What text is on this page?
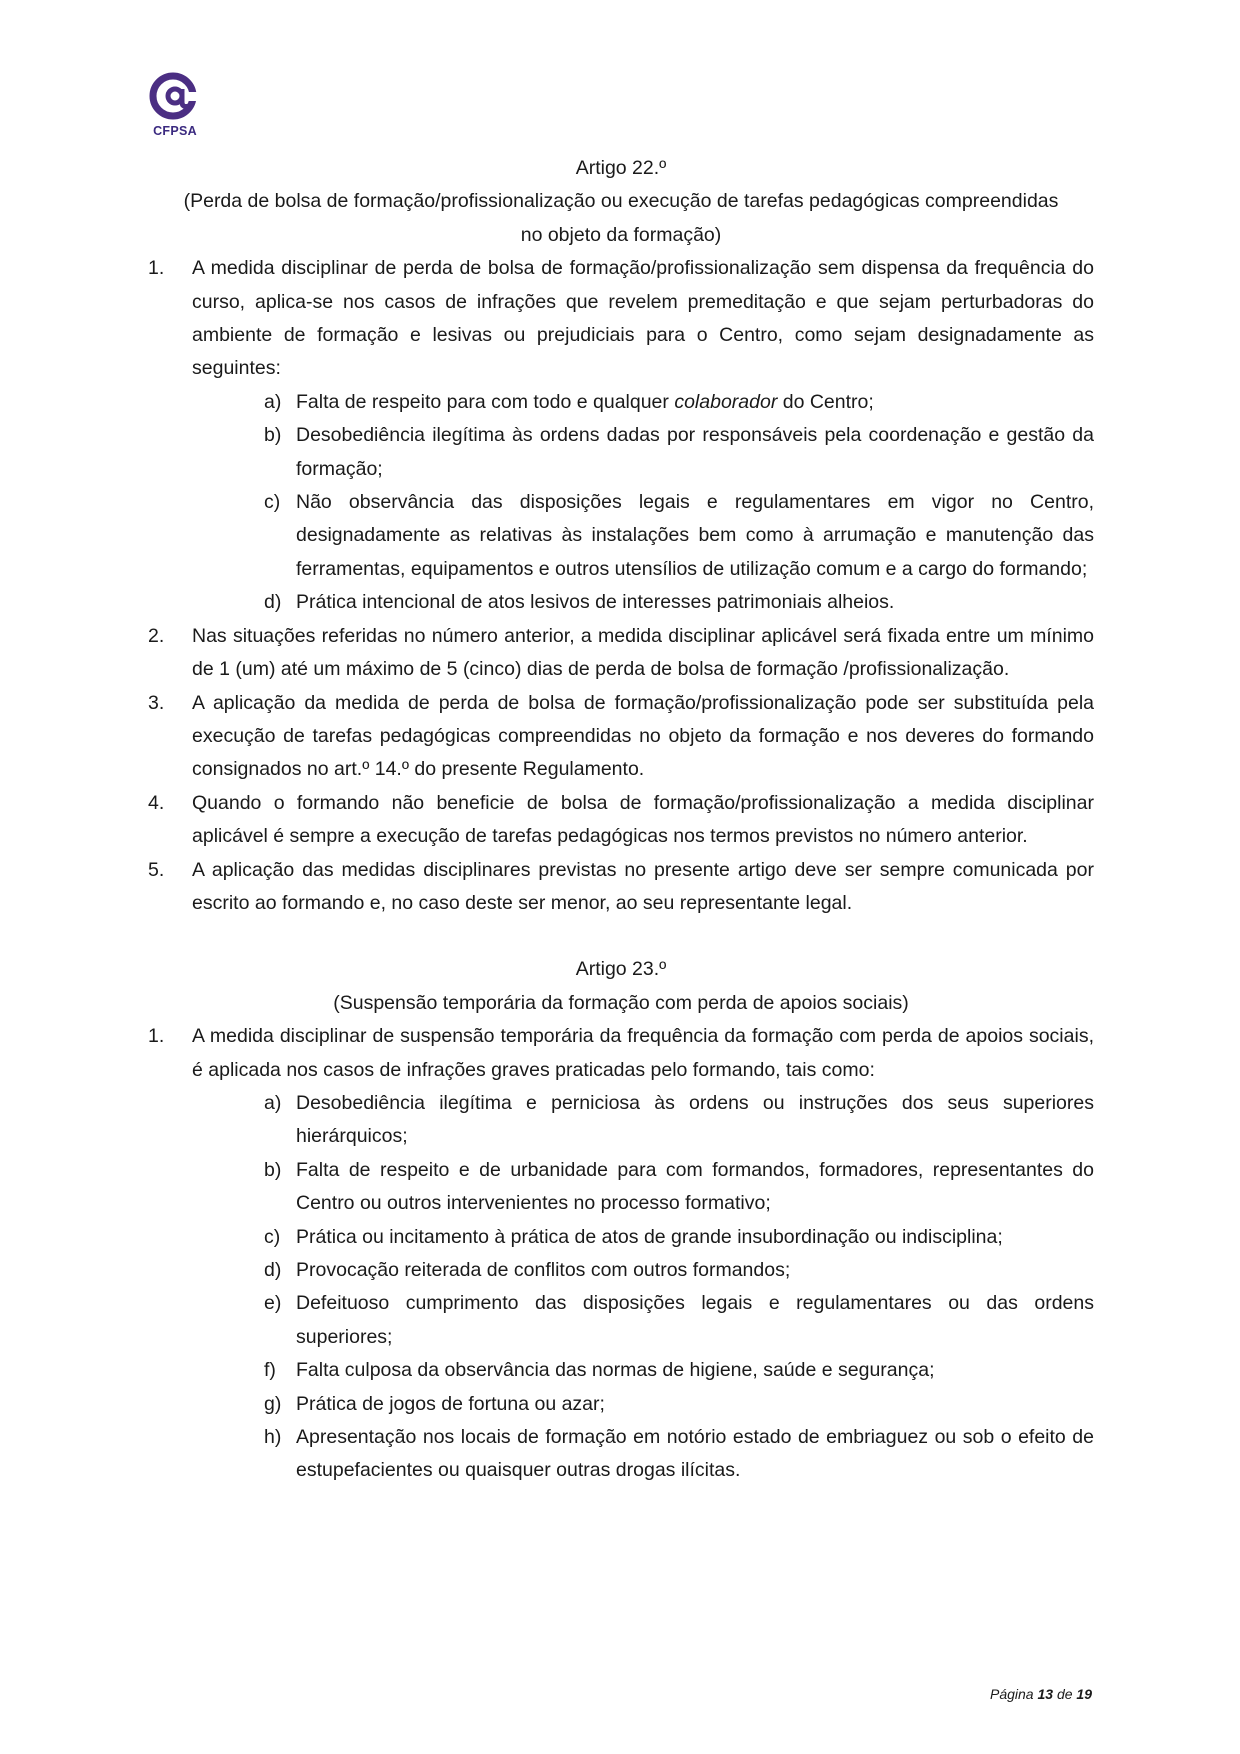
CFPSA
Artigo 22.º
(Perda de bolsa de formação/profissionalização ou execução de tarefas pedagógicas compreendidas
no objeto da formação)
1. A medida disciplinar de perda de bolsa de formação/profissionalização sem dispensa da frequência do curso, aplica-se nos casos de infrações que revelem premeditação e que sejam perturbadoras do ambiente de formação e lesivas ou prejudiciais para o Centro, como sejam designadamente as seguintes:
a) Falta de respeito para com todo e qualquer colaborador do Centro;
b) Desobediência ilegítima às ordens dadas por responsáveis pela coordenação e gestão da formação;
c) Não observância das disposições legais e regulamentares em vigor no Centro, designadamente as relativas às instalações bem como à arrumação e manutenção das ferramentas, equipamentos e outros utensílios de utilização comum e a cargo do formando;
d) Prática intencional de atos lesivos de interesses patrimoniais alheios.
2. Nas situações referidas no número anterior, a medida disciplinar aplicável será fixada entre um mínimo de 1 (um) até um máximo de 5 (cinco) dias de perda de bolsa de formação /profissionalização.
3. A aplicação da medida de perda de bolsa de formação/profissionalização pode ser substituída pela execução de tarefas pedagógicas compreendidas no objeto da formação e nos deveres do formando consignados no art.º 14.º do presente Regulamento.
4. Quando o formando não beneficie de bolsa de formação/profissionalização a medida disciplinar aplicável é sempre a execução de tarefas pedagógicas nos termos previstos no número anterior.
5. A aplicação das medidas disciplinares previstas no presente artigo deve ser sempre comunicada por escrito ao formando e, no caso deste ser menor, ao seu representante legal.
Artigo 23.º
(Suspensão temporária da formação com perda de apoios sociais)
1. A medida disciplinar de suspensão temporária da frequência da formação com perda de apoios sociais, é aplicada nos casos de infrações graves praticadas pelo formando, tais como:
a) Desobediência ilegítima e perniciosa às ordens ou instruções dos seus superiores hierárquicos;
b) Falta de respeito e de urbanidade para com formandos, formadores, representantes do Centro ou outros intervenientes no processo formativo;
c) Prática ou incitamento à prática de atos de grande insubordinação ou indisciplina;
d) Provocação reiterada de conflitos com outros formandos;
e) Defeituoso cumprimento das disposições legais e regulamentares ou das ordens superiores;
f) Falta culposa da observância das normas de higiene, saúde e segurança;
g) Prática de jogos de fortuna ou azar;
h) Apresentação nos locais de formação em notório estado de embriaguez ou sob o efeito de estupefacientes ou quaisquer outras drogas ilícitas.
Página 13 de 19
